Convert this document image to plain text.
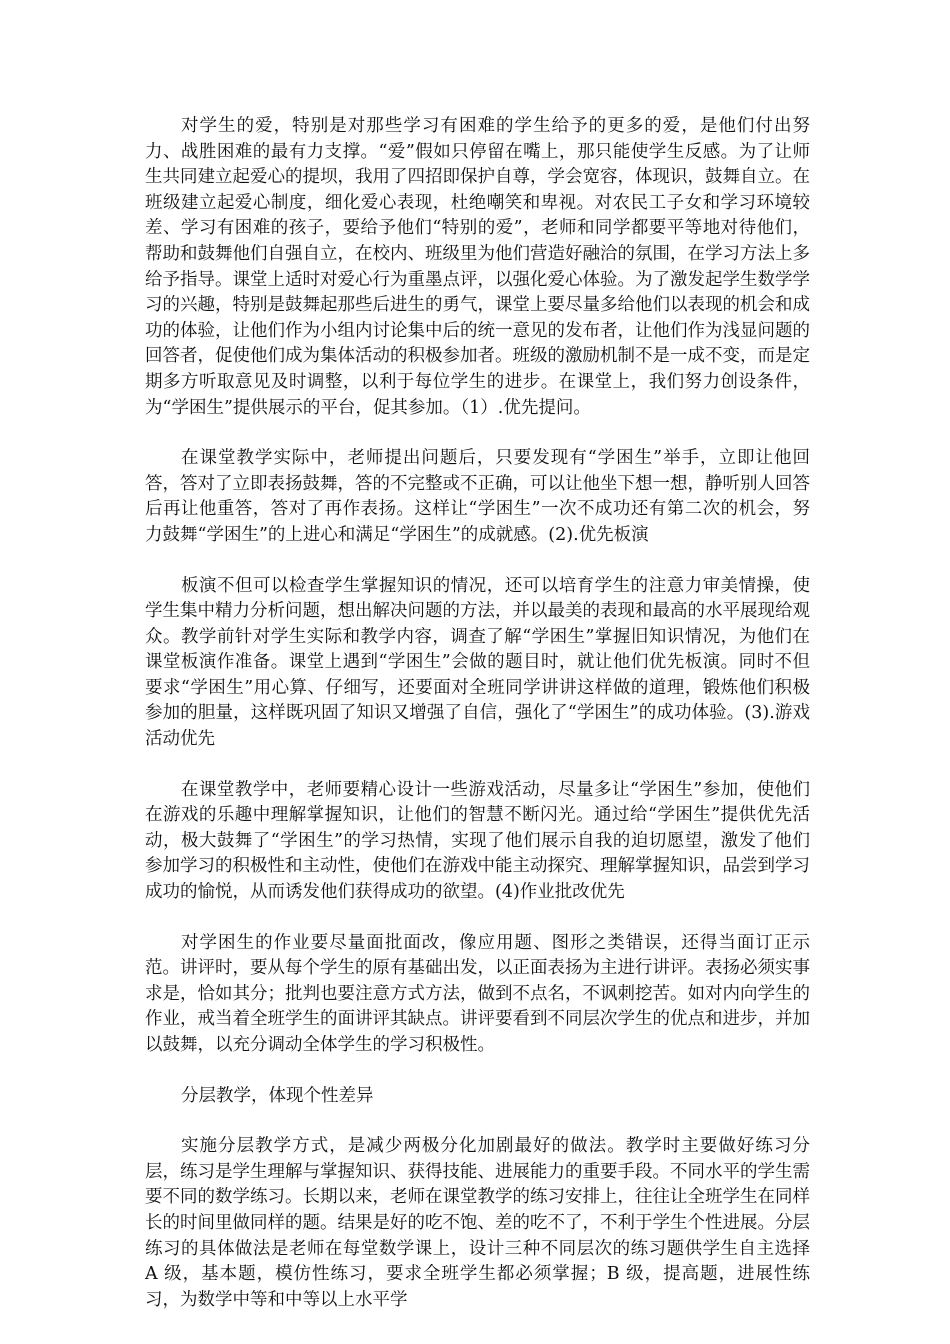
对学生的爱，特别是对那些学习有困难的学生给予的更多的爱，是他们付出努力、战胜困难的最有力支撑。“爱”假如只停留在嘴上，那只能使学生反感。为了让师生共同建立起爱心的提坝，我用了四招即保护自尊，学会宽容，体现识，鼓舞自立。在班级建立起爱心制度，细化爱心表现，杜绝嘲笑和卑视。对农民工子女和学习环境较差、学习有困难的孩子，要给予他们“特别的爱”，老师和同学都要平等地对待他们，帮助和鼓舞他们自强自立，在校内、班级里为他们营造好融洽的氛围，在学习方法上多给予指导。课堂上适时对爱心行为重墨点评，以强化爱心体验。为了激发起学生数学学习的兴趣，特别是鼓舞起那些后进生的勇气，课堂上要尽量多给他们以表现的机会和成功的体验，让他们作为小组内讨论集中后的统一意见的发布者，让他们作为浅显问题的回答者，促使他们成为集体活动的积极参加者。班级的激励机制不是一成不变，而是定期多方听取意见及时调整，以利于每位学生的进步。在课堂上，我们努力创设条件，为“学困生”提供展示的平台，促其参加。（1）.优先提问。

在课堂教学实际中，老师提出问题后，只要发现有“学困生”举手，立即让他回答，答对了立即表扬鼓舞，答的不完整或不正确，可以让他坐下想一想，静听别人回答后再让他重答，答对了再作表扬。这样让“学困生”一次不成功还有第二次的机会，努力鼓舞“学困生”的上进心和满足“学困生”的成就感。(2).优先板演

板演不但可以检查学生掌握知识的情况，还可以培育学生的注意力审美情操，使学生集中精力分析问题，想出解决问题的方法，并以最美的表现和最高的水平展现给观众。教学前针对学生实际和教学内容，调查了解“学困生”掌握旧知识情况，为他们在课堂板演作准备。课堂上遇到“学困生”会做的题目时，就让他们优先板演。同时不但要求“学困生”用心算、仔细写，还要面对全班同学讲讲这样做的道理，锻炼他们积极参加的胆量，这样既巩固了知识又增强了自信，强化了“学困生”的成功体验。(3).游戏活动优先

在课堂教学中，老师要精心设计一些游戏活动，尽量多让“学困生”参加，使他们在游戏的乐趣中理解掌握知识，让他们的智慧不断闪光。通过给“学困生”提供优先活动，极大鼓舞了“学困生”的学习热情，实现了他们展示自我的迫切愿望，激发了他们参加学习的积极性和主动性，使他们在游戏中能主动探究、理解掌握知识，品尝到学习成功的愉悦，从而诱发他们获得成功的欲望。(4)作业批改优先

对学困生的作业要尽量面批面改，像应用题、图形之类错误，还得当面订正示范。讲评时，要从每个学生的原有基础出发，以正面表扬为主进行讲评。表扬必须实事求是，恰如其分；批判也要注意方式方法，做到不点名，不讽刺挖苦。如对内向学生的作业，戒当着全班学生的面讲评其缺点。讲评要看到不同层次学生的优点和进步，并加以鼓舞，以充分调动全体学生的学习积极性。

分层教学，体现个性差异

实施分层教学方式，是减少两极分化加剧最好的做法。教学时主要做好练习分层，练习是学生理解与掌握知识、获得技能、进展能力的重要手段。不同水平的学生需要不同的数学练习。长期以来，老师在课堂教学的练习安排上，往往让全班学生在同样长的时间里做同样的题。结果是好的吃不饱、差的吃不了，不利于学生个性进展。分层练习的具体做法是老师在每堂数学课上，设计三种不同层次的练习题供学生自主选择 A 级，基本题，模仿性练习，要求全班学生都必须掌握；B 级，提高题，进展性练习，为数学中等和中等以上水平学
